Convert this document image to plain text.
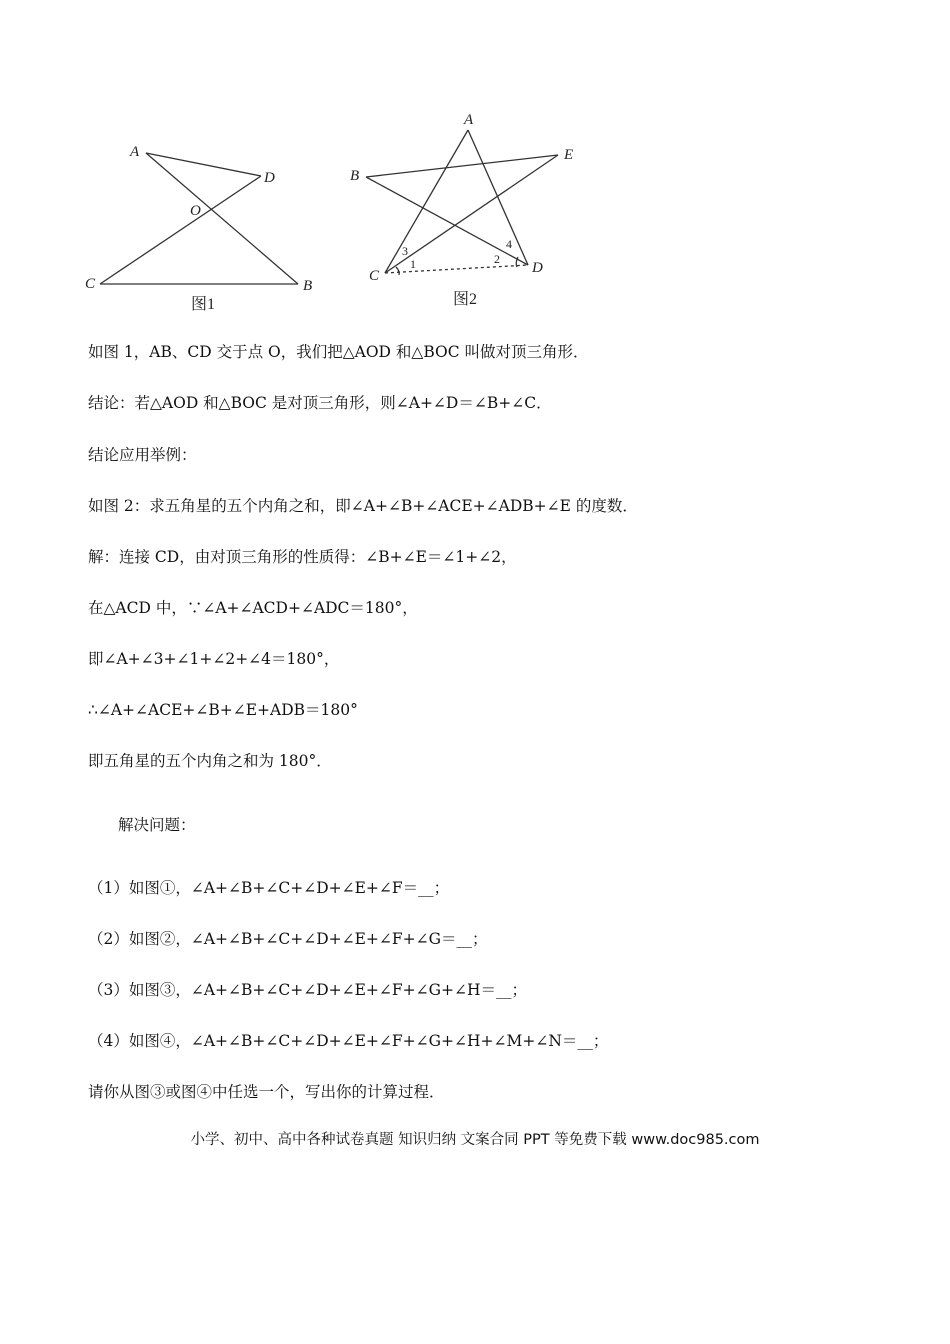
A
D
O
C	B
图1
A
B
E
C	D
3
1
4
2
图2
如图 1，AB、CD 交于点 O，我们把△AOD 和△BOC 叫做对顶三角形．
结论：若△AOD 和△BOC 是对顶三角形，则∠A+∠D＝∠B+∠C．
结论应用举例：
如图 2：求五角星的五个内角之和，即∠A+∠B+∠ACE+∠ADB+∠E 的度数．
解：连接 CD，由对顶三角形的性质得：∠B+∠E＝∠1+∠2，
在△ACD 中，∵∠A+∠ACD+∠ADC＝180°，
即∠A+∠3+∠1+∠2+∠4＝180°，
∴∠A+∠ACE+∠B+∠E+ADB＝180°
即五角星的五个内角之和为 180°．
解决问题：
（1）如图①，∠A+∠B+∠C+∠D+∠E+∠F＝__；
（2）如图②，∠A+∠B+∠C+∠D+∠E+∠F+∠G＝__；
（3）如图③，∠A+∠B+∠C+∠D+∠E+∠F+∠G+∠H＝__；
（4）如图④，∠A+∠B+∠C+∠D+∠E+∠F+∠G+∠H+∠M+∠N＝__；
请你从图③或图④中任选一个，写出你的计算过程．
小学、初中、高中各种试卷真题 知识归纳 文案合同 PPT 等免费下载 www.doc985.com
